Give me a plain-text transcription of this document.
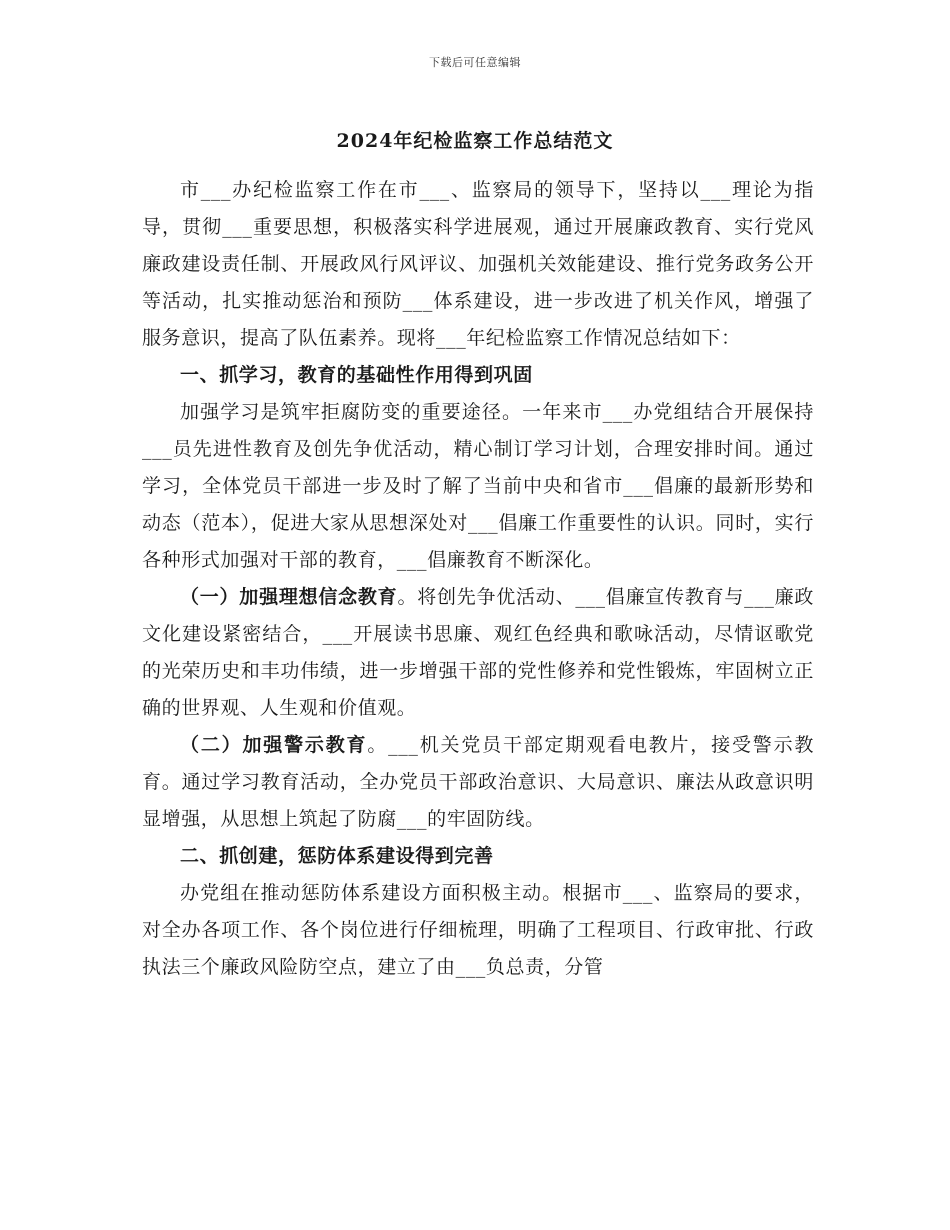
下载后可任意编辑
2024年纪检监察工作总结范文

市___办纪检监察工作在市___、监察局的领导下，坚持以___理论为指导，贯彻___重要思想，积极落实科学进展观，通过开展廉政教育、实行党风廉政建设责任制、开展政风行风评议、加强机关效能建设、推行党务政务公开等活动，扎实推动惩治和预防___体系建设，进一步改进了机关作风，增强了服务意识，提高了队伍素养。现将___年纪检监察工作情况总结如下：

一、抓学习，教育的基础性作用得到巩固

加强学习是筑牢拒腐防变的重要途径。一年来市___办党组结合开展保持___员先进性教育及创先争优活动，精心制订学习计划，合理安排时间。通过学习，全体党员干部进一步及时了解了当前中央和省市___倡廉的最新形势和动态（范本），促进大家从思想深处对___倡廉工作重要性的认识。同时，实行各种形式加强对干部的教育，___倡廉教育不断深化。

（一）加强理想信念教育。将创先争优活动、___倡廉宣传教育与___廉政文化建设紧密结合，___开展读书思廉、观红色经典和歌咏活动，尽情讴歌党的光荣历史和丰功伟绩，进一步增强干部的党性修养和党性锻炼，牢固树立正确的世界观、人生观和价值观。

（二）加强警示教育。___机关党员干部定期观看电教片，接受警示教育。通过学习教育活动，全办党员干部政治意识、大局意识、廉法从政意识明显增强，从思想上筑起了防腐___的牢固防线。

二、抓创建，惩防体系建设得到完善

办党组在推动惩防体系建设方面积极主动。根据市___、监察局的要求，对全办各项工作、各个岗位进行仔细梳理，明确了工程项目、行政审批、行政执法三个廉政风险防空点，建立了由___负总责，分管
